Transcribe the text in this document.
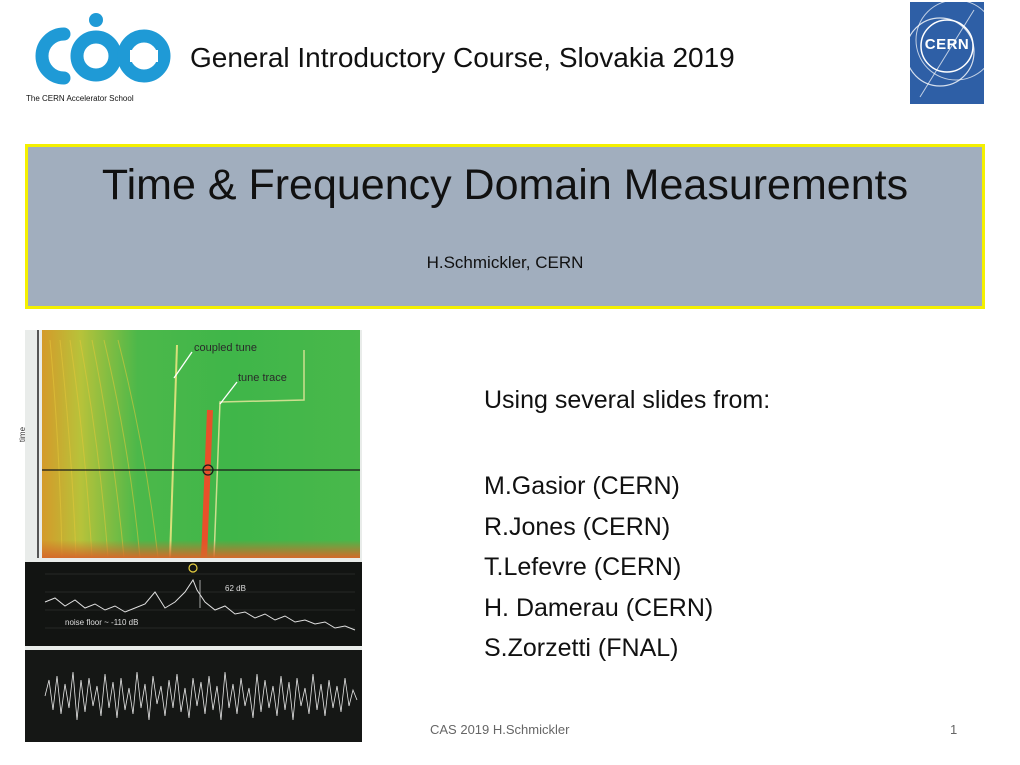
The CERN Accelerator School
General Introductory Course, Slovakia 2019	CERN
Time & Frequency Domain Measurements
H.Schmickler, CERN
time
coupled tune
tune trace
62 dB
noise floor ~ -110 dB
Using several slides from:
M.Gasior (CERN)
R.Jones (CERN)
T.Lefevre (CERN)
H. Damerau (CERN)
S.Zorzetti (FNAL)
CAS 2019 H.Schmickler	1
